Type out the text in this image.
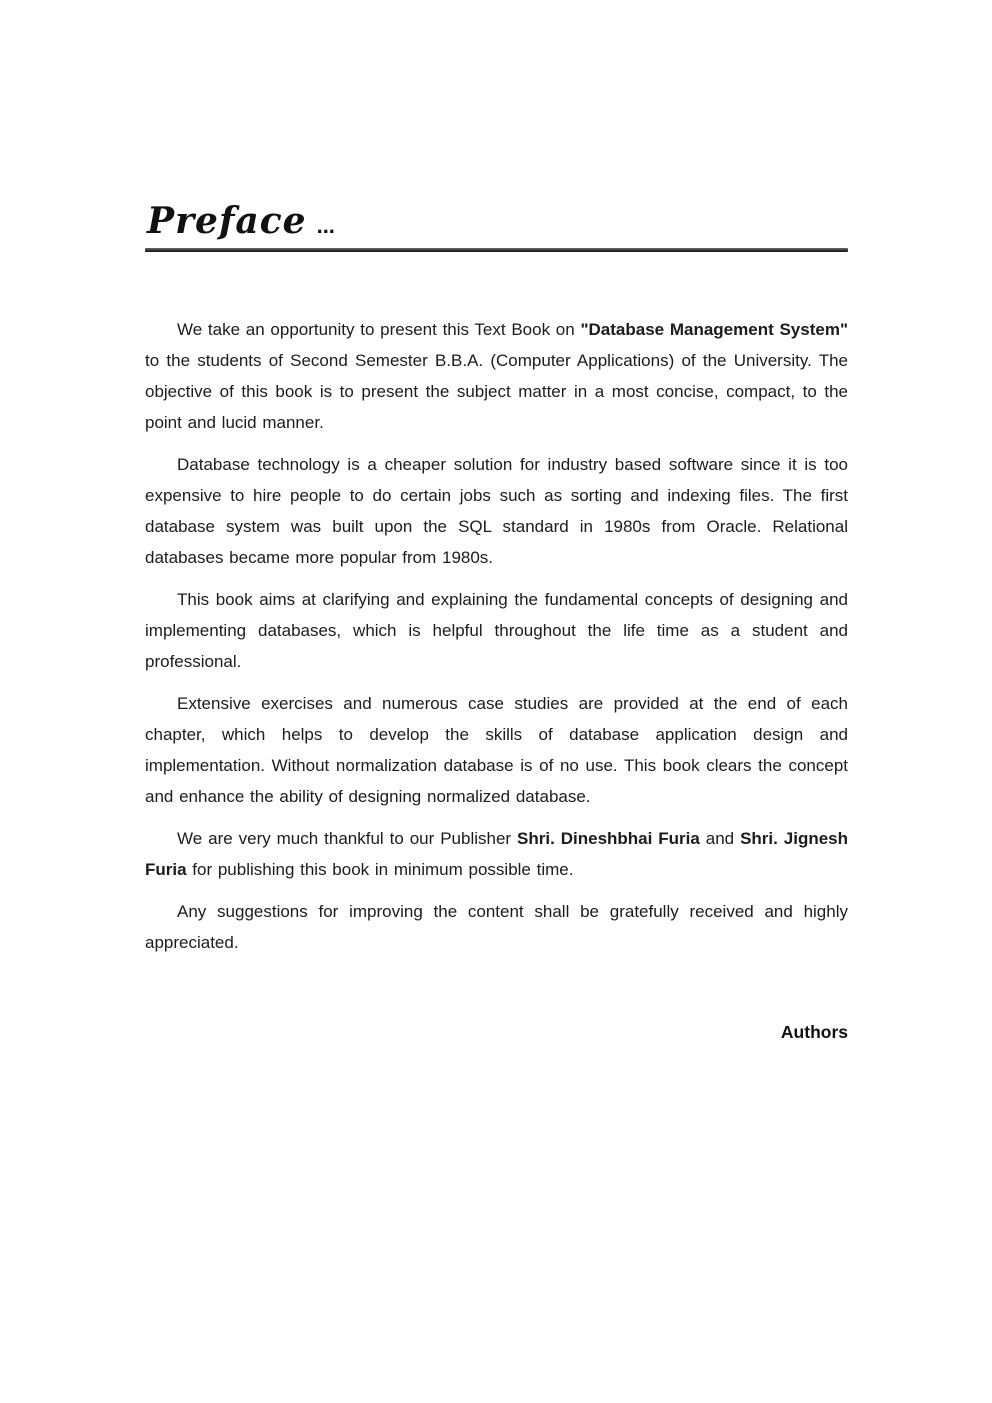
Preface ...

We take an opportunity to present this Text Book on "Database Management System" to the students of Second Semester B.B.A. (Computer Applications) of the University. The objective of this book is to present the subject matter in a most concise, compact, to the point and lucid manner.

Database technology is a cheaper solution for industry based software since it is too expensive to hire people to do certain jobs such as sorting and indexing files. The first database system was built upon the SQL standard in 1980s from Oracle. Relational databases became more popular from 1980s.

This book aims at clarifying and explaining the fundamental concepts of designing and implementing databases, which is helpful throughout the life time as a student and professional.

Extensive exercises and numerous case studies are provided at the end of each chapter, which helps to develop the skills of database application design and implementation. Without normalization database is of no use. This book clears the concept and enhance the ability of designing normalized database.

We are very much thankful to our Publisher Shri. Dineshbhai Furia and Shri. Jignesh Furia for publishing this book in minimum possible time.

Any suggestions for improving the content shall be gratefully received and highly appreciated.

Authors
